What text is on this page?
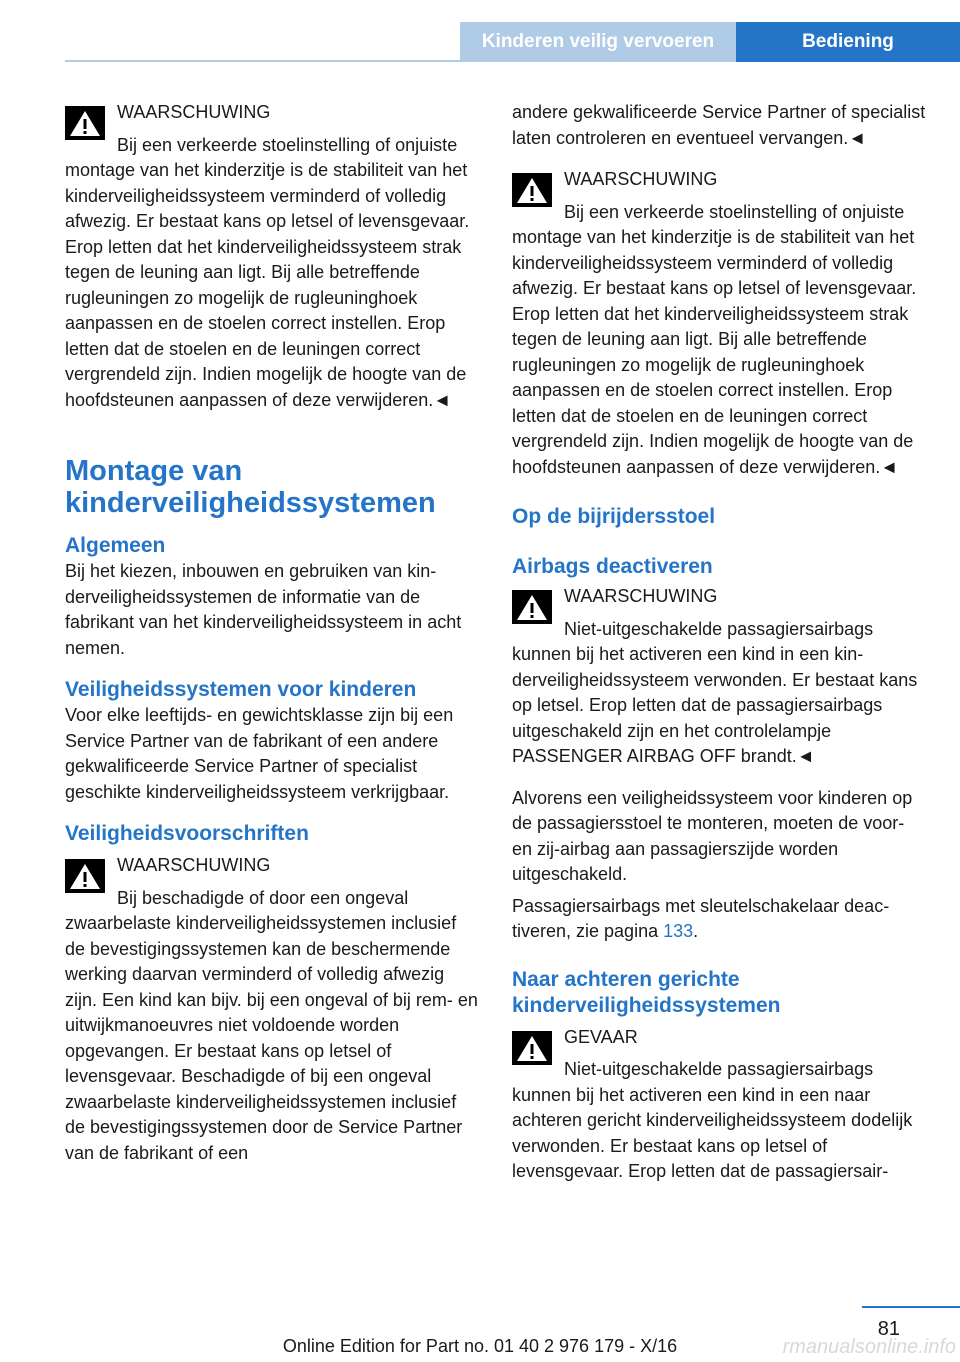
Kinderen veilig vervoeren	Bediening
WAARSCHUWING

Bij een verkeerde stoelinstelling of onjuiste montage van het kinderzitje is de stabiliteit van het kinderveiligheidssysteem verminderd of volledig afwezig. Er bestaat kans op letsel of levensgevaar. Erop letten dat het kinderveiligheidssysteem strak tegen de leuning aan ligt. Bij alle betreffende rugleuningen zo mogelijk de rugleuninghoek aanpassen en de stoelen correct instellen. Erop letten dat de stoelen en de leuningen correct vergrendeld zijn. Indien mogelijk de hoogte van de hoofdsteunen aanpassen of deze verwijderen.◄

Montage van kinderveiligheidssystemen
Algemeen

Bij het kiezen, inbouwen en gebruiken van kinderveiligheidssystemen de informatie van de fabrikant van het kinderveiligheidssysteem in acht nemen.

Veiligheidssystemen voor kinderen

Voor elke leeftijds- en gewichtsklasse zijn bij een Service Partner van de fabrikant of een andere gekwalificeerde Service Partner of specialist geschikte kinderveiligheidssysteem verkrijgbaar.

Veiligheidsvoorschriften
WAARSCHUWING

Bij beschadigde of door een ongeval zwaarbelaste kinderveiligheidssystemen inclusief de bevestigingssystemen kan de beschermende werking daarvan verminderd of volledig afwezig zijn. Een kind kan bijv. bij een ongeval of bij rem- en uitwijkmanoeuvres niet voldoende worden opgevangen. Er bestaat kans op letsel of levensgevaar. Beschadigde of bij een ongeval zwaarbelaste kinderveiligheidssystemen inclusief de bevestigingssystemen door de Service Partner van de fabrikant of een

andere gekwalificeerde Service Partner of specialist laten controleren en eventueel vervangen.◄

WAARSCHUWING

Bij een verkeerde stoelinstelling of onjuiste montage van het kinderzitje is de stabiliteit van het kinderveiligheidssysteem verminderd of volledig afwezig. Er bestaat kans op letsel of levensgevaar. Erop letten dat het kinderveiligheidssysteem strak tegen de leuning aan ligt. Bij alle betreffende rugleuningen zo mogelijk de rugleuninghoek aanpassen en de stoelen correct instellen. Erop letten dat de stoelen en de leuningen correct vergrendeld zijn. Indien mogelijk de hoogte van de hoofdsteunen aanpassen of deze verwijderen.◄

Op de bijrijdersstoel
Airbags deactiveren
WAARSCHUWING

Niet-uitgeschakelde passagiersairbags kunnen bij het activeren een kind in een kinderveiligheidssysteem verwonden. Er bestaat kans op letsel. Erop letten dat de passagiersairbags uitgeschakeld zijn en het controlelampje PASSENGER AIRBAG OFF brandt.◄

Alvorens een veiligheidssysteem voor kinderen op de passagiersstoel te monteren, moeten de voor- en zij-airbag aan passagierszijde worden uitgeschakeld.

Passagiersairbags met sleutelschakelaar deactiveren, zie pagina 133.

Naar achteren gerichte kinderveiligheidssystemen
GEVAAR

Niet-uitgeschakelde passagiersairbags kunnen bij het activeren een kind in een naar achteren gericht kinderveiligheidssysteem dodelijk verwonden. Er bestaat kans op letsel of levensgevaar. Erop letten dat de passagiersair-

81
Online Edition for Part no. 01 40 2 976 179 - X/16	rmanualsonline.info
